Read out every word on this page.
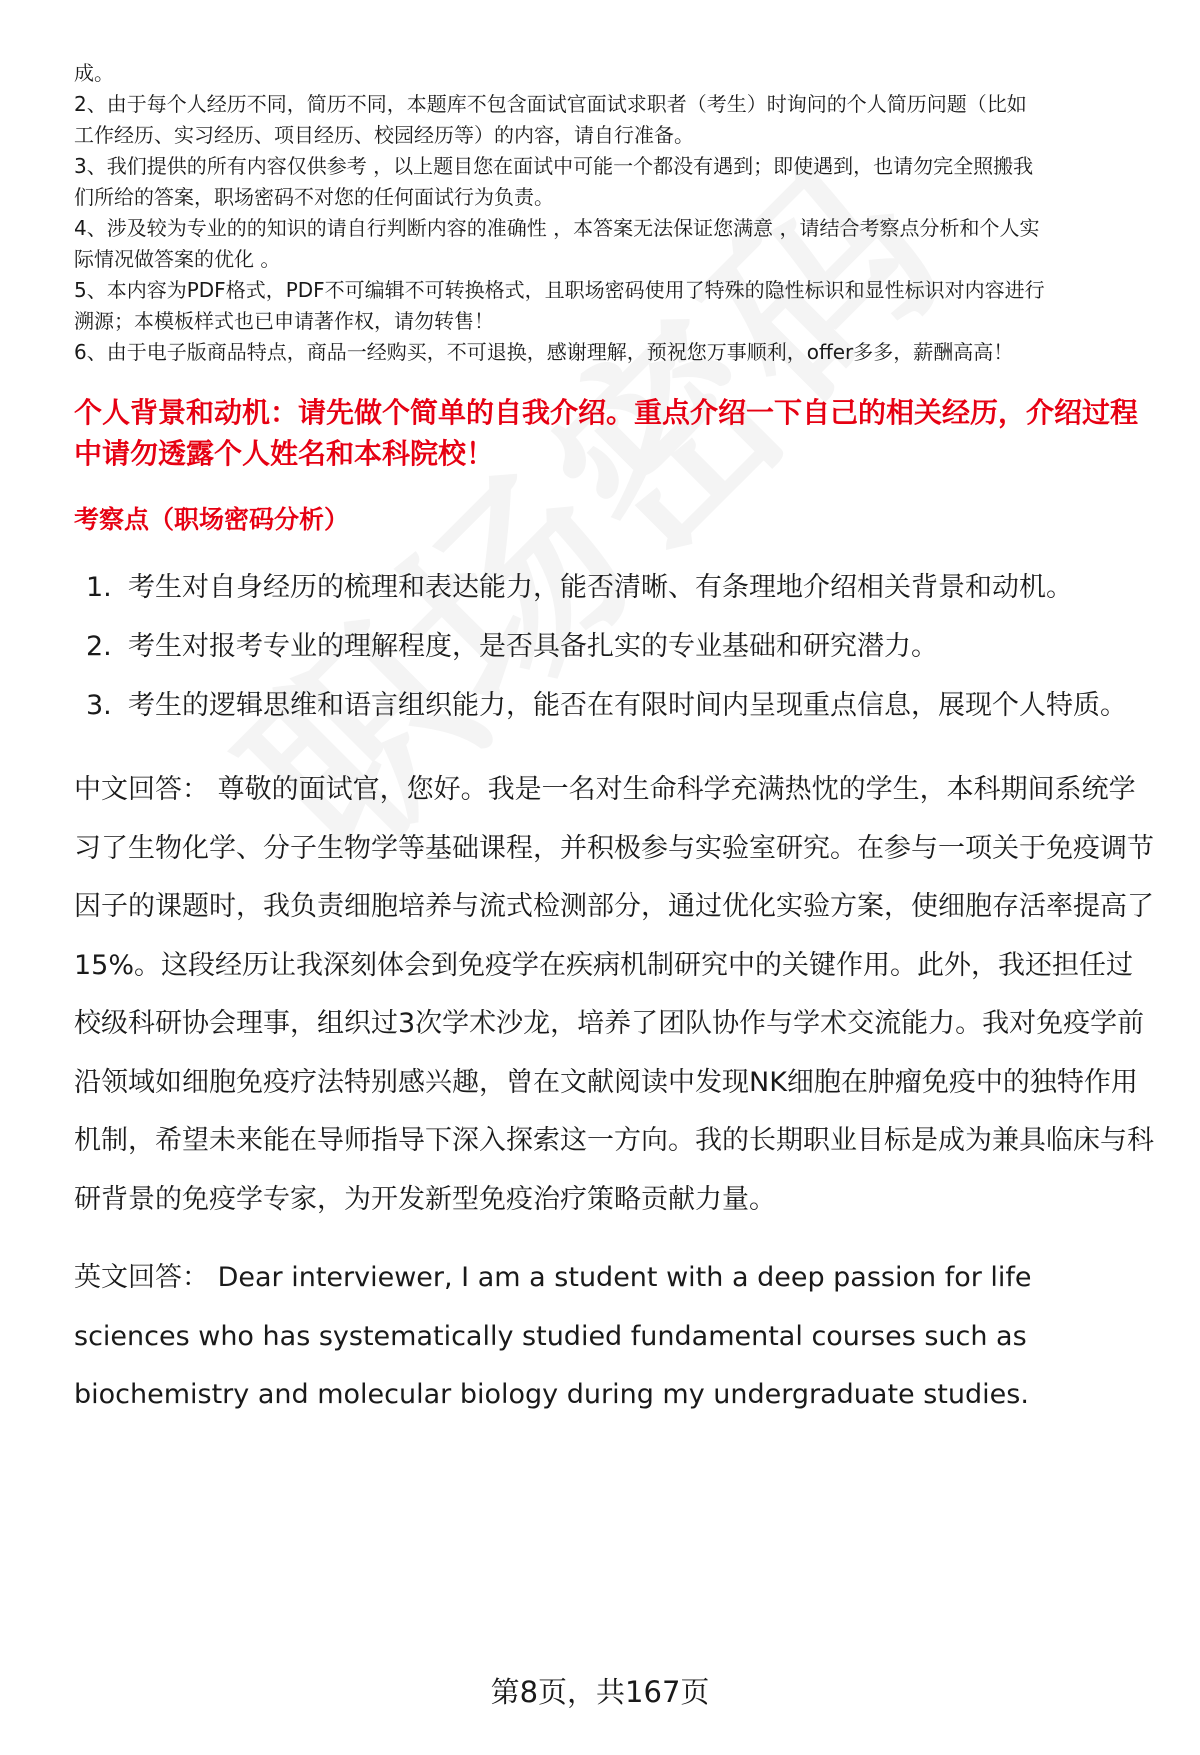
成。
2、由于每个人经历不同，简历不同，本题库不包含面试官面试求职者（考生）时询问的个人简历问题（比如
工作经历、实习经历、项目经历、校园经历等）的内容，请自行准备。
3、我们提供的所有内容仅供参考 ，以上题目您在面试中可能一个都没有遇到；即使遇到，也请勿完全照搬我
们所给的答案，职场密码不对您的任何面试行为负责。
4、涉及较为专业的的知识的请自行判断内容的准确性 ，本答案无法保证您满意 ，请结合考察点分析和个人实
际情况做答案的优化 。
5、本内容为PDF格式，PDF不可编辑不可转换格式，且职场密码使用了特殊的隐性标识和显性标识对内容进行
溯源；本模板样式也已申请著作权，请勿转售！
6、由于电子版商品特点，商品一经购买，不可退换，感谢理解，预祝您万事顺利，offer多多，薪酬高高！
个人背景和动机：请先做个简单的自我介绍。重点介绍一下自己的相关经历，介绍过程中请勿透露个人姓名和本科院校！
考察点（职场密码分析）
1. 考生对自身经历的梳理和表达能力，能否清晰、有条理地介绍相关背景和动机。
2. 考生对报考专业的理解程度，是否具备扎实的专业基础和研究潜力。
3. 考生的逻辑思维和语言组织能力，能否在有限时间内呈现重点信息，展现个人特质。
中文回答： 尊敬的面试官，您好。我是一名对生命科学充满热忱的学生，本科期间系统学习了生物化学、分子生物学等基础课程，并积极参与实验室研究。在参与一项关于免疫调节因子的课题时，我负责细胞培养与流式检测部分，通过优化实验方案，使细胞存活率提高了15%。这段经历让我深刻体会到免疫学在疾病机制研究中的关键作用。此外，我还担任过校级科研协会理事，组织过3次学术沙龙，培养了团队协作与学术交流能力。我对免疫学前沿领域如细胞免疫疗法特别感兴趣，曾在文献阅读中发现NK细胞在肿瘤免疫中的独特作用机制，希望未来能在导师指导下深入探索这一方向。我的长期职业目标是成为兼具临床与科研背景的免疫学专家，为开发新型免疫治疗策略贡献力量。
英文回答： Dear interviewer, I am a student with a deep passion for life sciences who has systematically studied fundamental courses such as biochemistry and molecular biology during my undergraduate studies.
第8页，共167页
